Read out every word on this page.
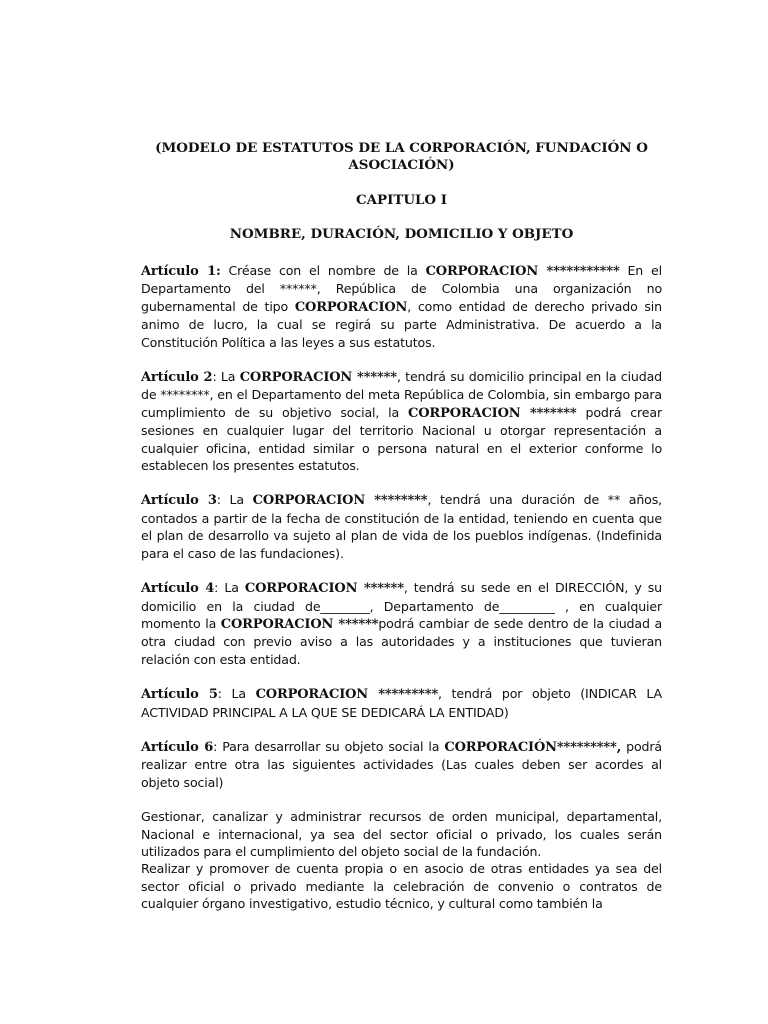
(MODELO DE ESTATUTOS DE LA CORPORACIÓN, FUNDACIÓN O
ASOCIACIÓN)
CAPITULO I
NOMBRE, DURACIÓN, DOMICILIO Y OBJETO

Artículo 1: Créase con el nombre de la CORPORACION *********** En el Departamento del ******, República de Colombia una organización no gubernamental de tipo CORPORACION, como entidad de derecho privado sin animo de lucro, la cual se regirá su parte Administrativa. De acuerdo a la Constitución Política a las leyes a sus estatutos.

Artículo 2: La CORPORACION ******, tendrá su domicilio principal en la ciudad de ********, en el Departamento del meta República de Colombia, sin embargo para cumplimiento de su objetivo social, la CORPORACION ******* podrá crear sesiones en cualquier lugar del territorio Nacional u otorgar representación a cualquier oficina, entidad similar o persona natural en el exterior conforme lo establecen los presentes estatutos.

Artículo 3: La CORPORACION ********, tendrá una duración de ** años, contados a partir de la fecha de constitución de la entidad, teniendo en cuenta que el plan de desarrollo va sujeto al plan de vida de los pueblos indígenas. (Indefinida para el caso de las fundaciones).

Artículo 4: La CORPORACION ******, tendrá su sede en el DIRECCIÓN, y su domicilio en la ciudad de________, Departamento de_________ , en cualquier momento la CORPORACION ******podrá cambiar de sede dentro de la ciudad a otra ciudad con previo aviso a las autoridades y a instituciones que tuvieran relación con esta entidad.

Artículo 5: La CORPORACION *********, tendrá por objeto (INDICAR LA ACTIVIDAD PRINCIPAL A LA QUE SE DEDICARÁ LA ENTIDAD)

Artículo 6: Para desarrollar su objeto social la CORPORACIÓN*********, podrá realizar entre otra las siguientes actividades (Las cuales deben ser acordes al objeto social)

Gestionar, canalizar y administrar recursos de orden municipal, departamental, Nacional e internacional, ya sea del sector oficial o privado, los cuales serán utilizados para el cumplimiento del objeto social de la fundación.

Realizar y promover de cuenta propia o en asocio de otras entidades ya sea del sector oficial o privado mediante la celebración de convenio o contratos de cualquier órgano investigativo, estudio técnico, y cultural como también la
